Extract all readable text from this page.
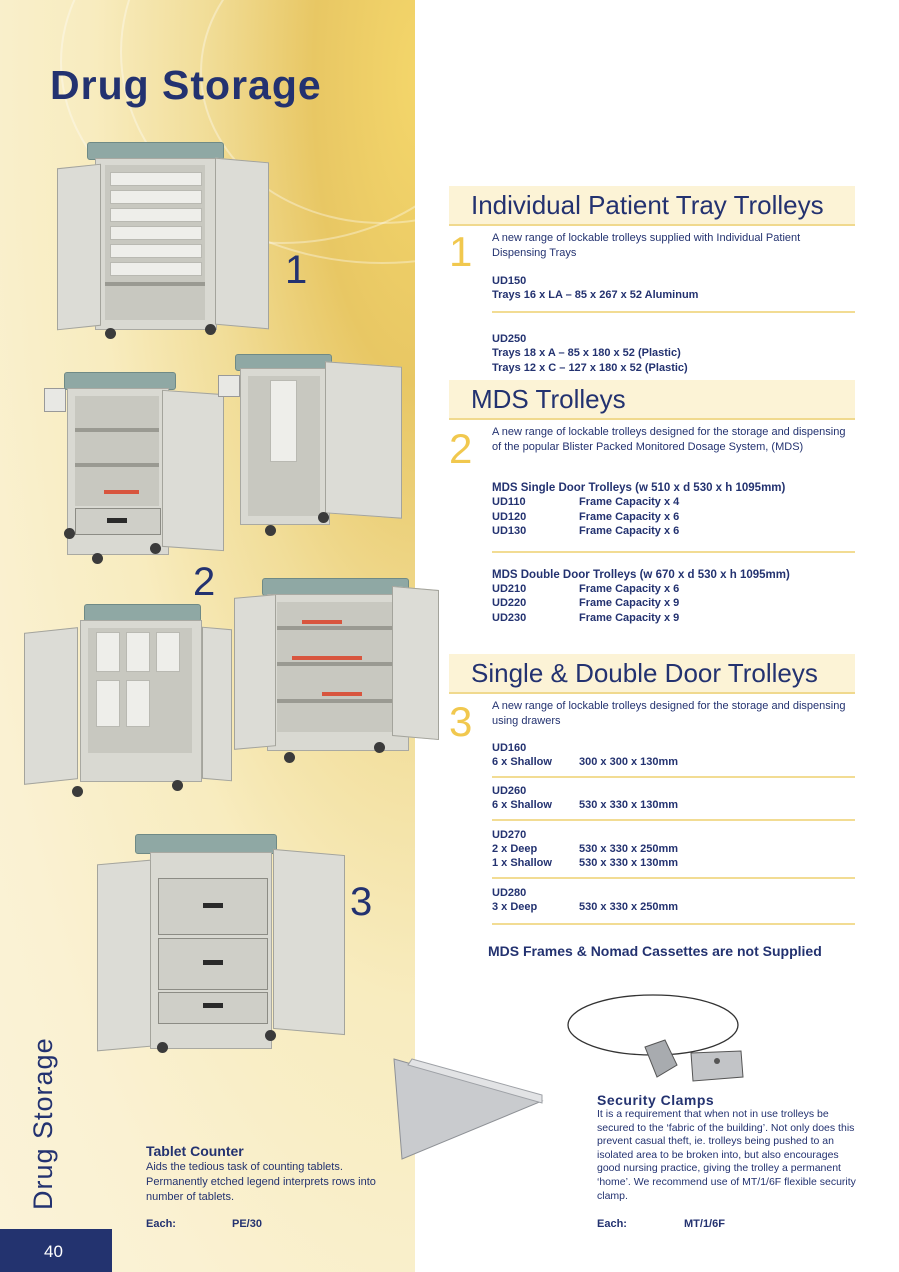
Drug Storage
1
2
3
Drug Storage
40
Tablet Counter
Aids the tedious task of counting tablets. Permanently etched legend interprets rows into number of tablets.
Each:	PE/30
Individual Patient Tray Trolleys
1 A new range of lockable trolleys supplied with Individual Patient Dispensing Trays
UD150
Trays 16 x LA – 85 x 267 x 52 Aluminum
UD250
Trays 18 x A – 85 x 180 x 52 (Plastic)
Trays 12 x C – 127 x 180 x 52 (Plastic)
MDS Trolleys
2 A new range of lockable trolleys designed for the storage and dispensing of the popular Blister Packed Monitored Dosage System, (MDS)
MDS Single Door Trolleys (w 510 x d 530 x h 1095mm)
UD110	Frame Capacity x 4
UD120	Frame Capacity x 6
UD130	Frame Capacity x 6
MDS Double Door Trolleys (w 670 x d 530 x h 1095mm)
UD210	Frame Capacity x 6
UD220	Frame Capacity x 9
UD230	Frame Capacity x 9
Single & Double Door Trolleys
3 A new range of lockable trolleys designed for the storage and dispensing using drawers
UD160
6 x Shallow 300 x 300 x 130mm
UD260
6 x Shallow 530 x 330 x 130mm
UD270
2 x Deep	530 x 330 x 250mm
1 x Shallow 530 x 330 x 130mm
UD280
3 x Deep	530 x 330 x 250mm
MDS Frames & Nomad Cassettes are not Supplied
Security Clamps
It is a requirement that when not in use trolleys be secured to the ‘fabric of the building’. Not only does this prevent casual theft, ie. trolleys being pushed to an isolated area to be broken into, but also encourages good nursing practice, giving the trolley a permanent ‘home’. We recommend use of MT/1/6F flexible security clamp.
Each:	MT/1/6F
